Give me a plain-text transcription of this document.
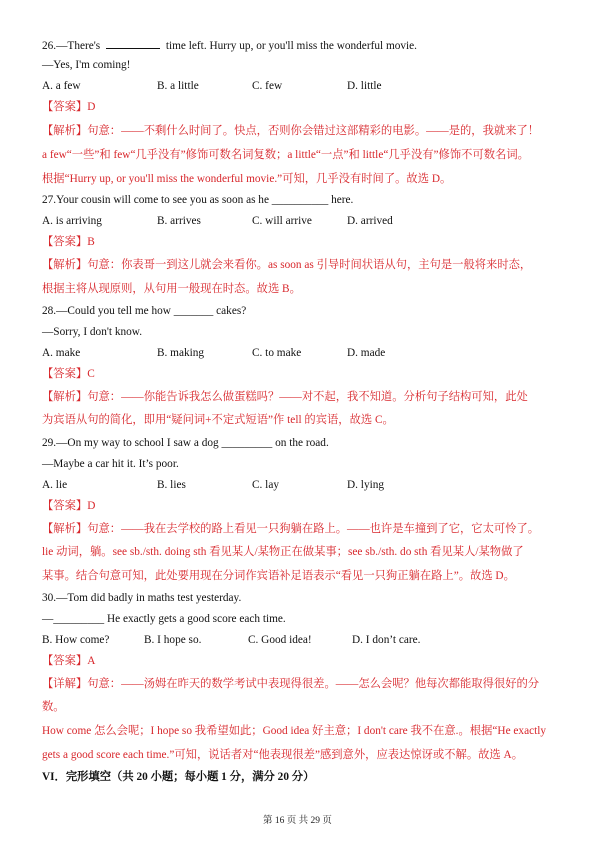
26.—There's	time left. Hurry up, or you'll miss the wonderful movie.
—Yes, I'm coming!
A. a few	B. a little	C. few	D. little
【答案】D
【解析】句意：——不剩什么时间了。快点，否则你会错过这部精彩的电影。——是的，我就来了！
a few“一些”和 few“几乎没有”修饰可数名词复数；a little“一点”和 little“几乎没有”修饰不可数名词。
根据“Hurry up, or you'll miss the wonderful movie.”可知，几乎没有时间了。故选 D。
27.Your cousin will come to see you as soon as he __________ here.
A. is arriving	B. arrives	C. will arrive	D. arrived
【答案】B
【解析】句意：你表哥一到这儿就会来看你。as soon as 引导时间状语从句，主句是一般将来时态，
根据主将从现原则，从句用一般现在时态。故选 B。
28.—Could you tell me how _______ cakes?
—Sorry, I don't know.
A. make	B. making	C. to make	D. made
【答案】C
【解析】句意：——你能告诉我怎么做蛋糕吗？——对不起，我不知道。分析句子结构可知，此处
为宾语从句的简化，即用“疑问词+不定式短语”作 tell 的宾语，故选 C。
29.—On my way to school I saw a dog _________ on the road.
—Maybe a car hit it. It’s poor.
A. lie	B. lies	C. lay	D. lying
【答案】D
【解析】句意：——我在去学校的路上看见一只狗躺在路上。——也许是车撞到了它，它太可怜了。
lie 动词，躺。see sb./sth. doing sth 看见某人/某物正在做某事；see sb./sth. do sth 看见某人/某物做了
某事。结合句意可知，此处要用现在分词作宾语补足语表示“看见一只狗正躺在路上”。故选 D。
30.—Tom did badly in maths test yesterday.
—_________ He exactly gets a good score each time.
B. How come?	B. I hope so.	C. Good idea!	D. I don’t care.
【答案】A
【详解】句意：——汤姆在昨天的数学考试中表现得很差。——怎么会呢？他每次都能取得很好的分
数。
How come 怎么会呢；I hope so 我希望如此；Good idea 好主意；I don't care 我不在意.。根据“He exactly
gets a good score each time.”可知，说话者对“他表现很差”感到意外，应表达惊讶或不解。故选 A。
VI．完形填空（共 20 小题；每小题 1 分，满分 20 分）
第 16 页 共 29 页
